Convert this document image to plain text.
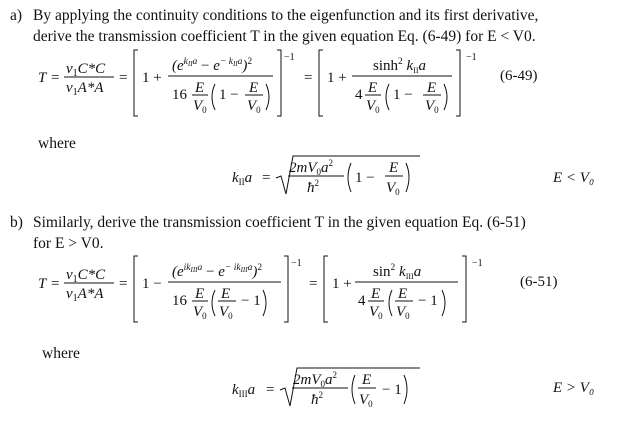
a) By applying the continuity conditions to the eigenfunction and its first derivative,
derive the transmission coefficient T in the given equation Eq. (6-49) for E < V0.
T =
$v_1C*C$
$v_1A*A$
= 1 +
$(e^kIIa - e^{- k}IIa)^2$
16 E
$V_0$
1 − E
$V_0$
−1
= 1 +
$\sinh^2 k_{II}a$
4 E
$V_0$
1 − E
$V_0$
−1
(6-49)
where
$k_{II}a$ =
$2mV_0a^2$
$ħ^2$ 1 −
E
$V_0$
E < V₀
b) Similarly, derive the transmission coefficient T in the given equation Eq. (6-51)
for E > V0.
T =
$v_1C*C$
$v_1A*A$
= 1 −
($e^{ik}IIIa$ − $e^{- ik}IIIa)^2$
16 E
$V_0$
E
$V_0$
− 1
−1
= 1 +
$\sin^2 k_{III}a$
4 E
$V_0$
E
$V_0$
− 1
−1
(6-51)
where
$k_{III}a$ =
$2mV_0a^2$
$ħ^2$
E
$V_0$
− 1	E > V₀
